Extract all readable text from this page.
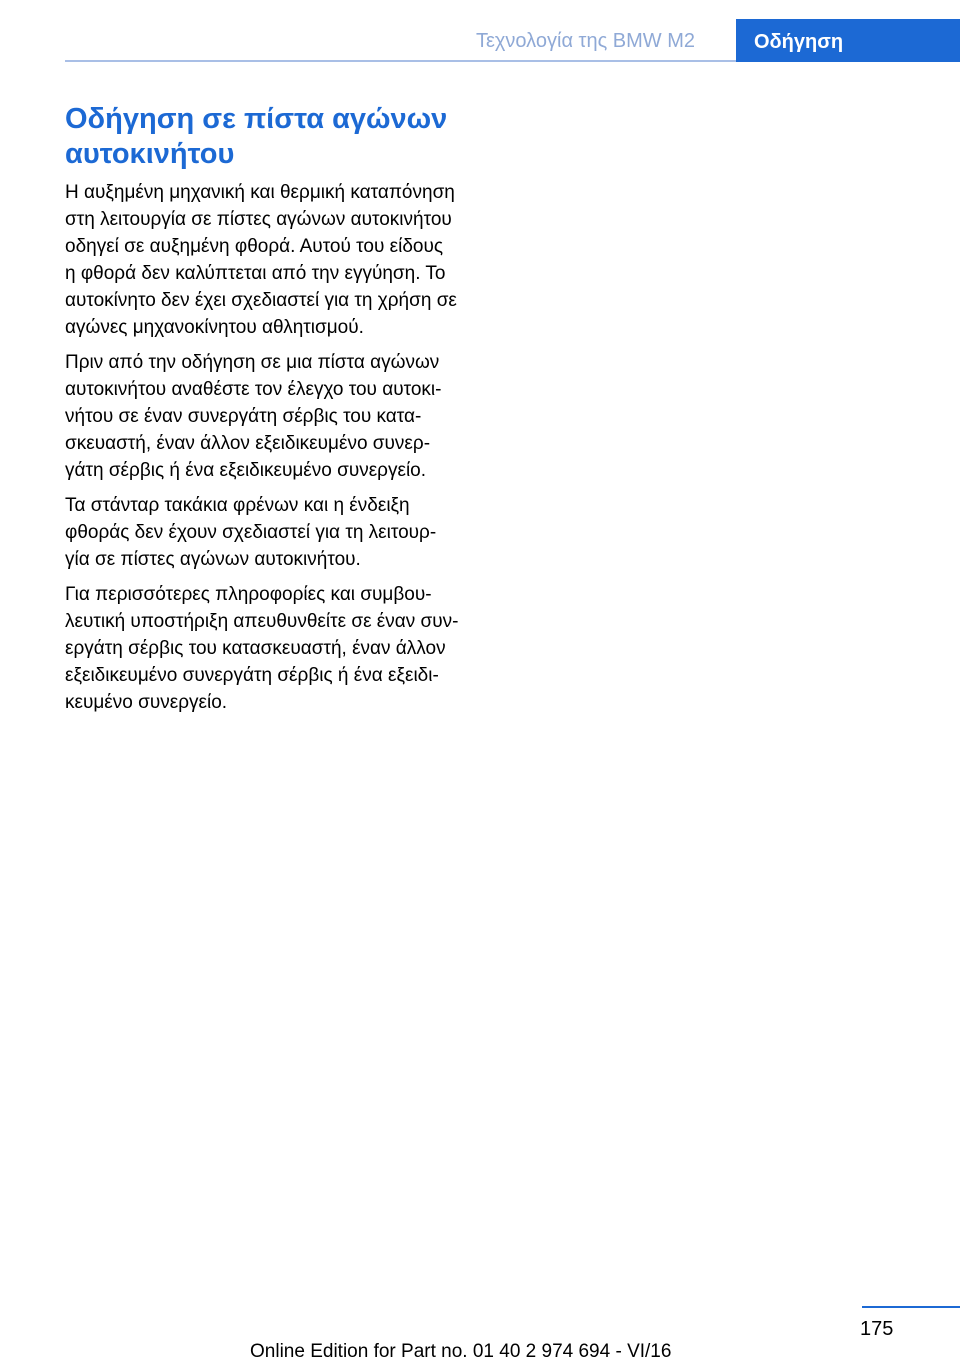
Τεχνολογία της BMW M2	Οδήγηση
Οδήγηση σε πίστα αγώνων
αυτοκινήτου

Η αυξημένη μηχανική και θερμική καταπόνηση
στη λειτουργία σε πίστες αγώνων αυτοκινήτου
οδηγεί σε αυξημένη φθορά. Αυτού του είδους
η φθορά δεν καλύπτεται από την εγγύηση. Το
αυτοκίνητο δεν έχει σχεδιαστεί για τη χρήση σε
αγώνες μηχανοκίνητου αθλητισμού.

Πριν από την οδήγηση σε μια πίστα αγώνων
αυτοκινήτου αναθέστε τον έλεγχο του αυτοκι‐
νήτου σε έναν συνεργάτη σέρβις του κατα‐
σκευαστή, έναν άλλον εξειδικευμένο συνερ‐
γάτη σέρβις ή ένα εξειδικευμένο συνεργείο.

Τα στάνταρ τακάκια φρένων και η ένδειξη
φθοράς δεν έχουν σχεδιαστεί για τη λειτουρ‐
γία σε πίστες αγώνων αυτοκινήτου.

Για περισσότερες πληροφορίες και συμβου‐
λευτική υποστήριξη απευθυνθείτε σε έναν συν‐
εργάτη σέρβις του κατασκευαστή, έναν άλλον
εξειδικευμένο συνεργάτη σέρβις ή ένα εξειδι‐
κευμένο συνεργείο.

175
Online Edition for Part no. 01 40 2 974 694 - VI/16
